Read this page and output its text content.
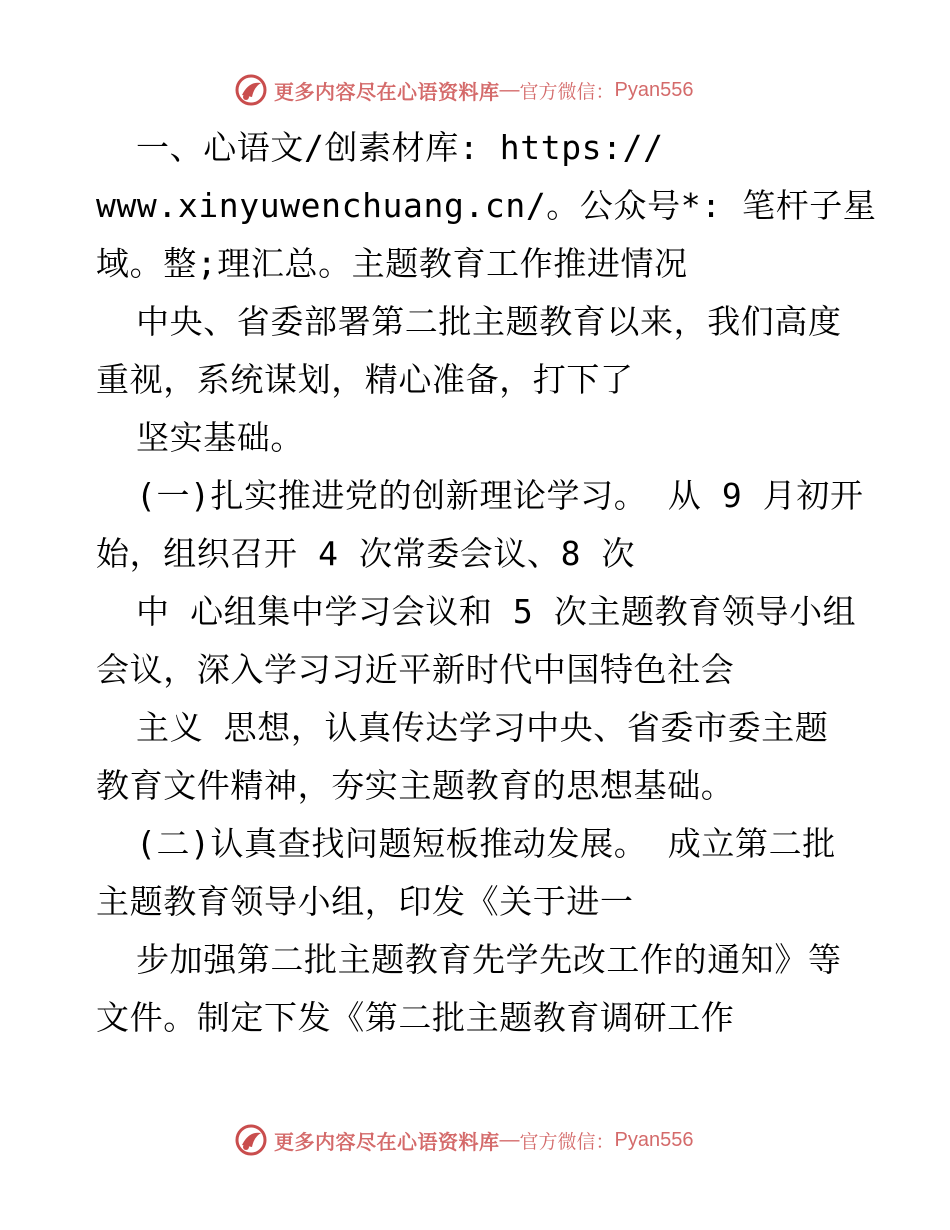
更多内容尽在心语资料库 — 官方微信： Pyan556
一、心语文/创素材库: https://
www.xinyuwenchuang.cn/。公众号*: 笔杆子星
域。整;理汇总。主题教育工作推进情况
中央、省委部署第二批主题教育以来，我们高度
重视，系统谋划，精心准备，打下了
坚实基础。
(一)扎实推进党的创新理论学习。 从 9 月初开
始，组织召开 4 次常委会议、8 次
中 心组集中学习会议和 5 次主题教育领导小组
会议，深入学习习近平新时代中国特色社会
主义 思想，认真传达学习中央、省委市委主题
教育文件精神，夯实主题教育的思想基础。
(二)认真查找问题短板推动发展。 成立第二批
主题教育领导小组，印发《关于进一
步加强第二批主题教育先学先改工作的通知》等
文件。制定下发《第二批主题教育调研工作
更多内容尽在心语资料库 — 官方微信： Pyan556
